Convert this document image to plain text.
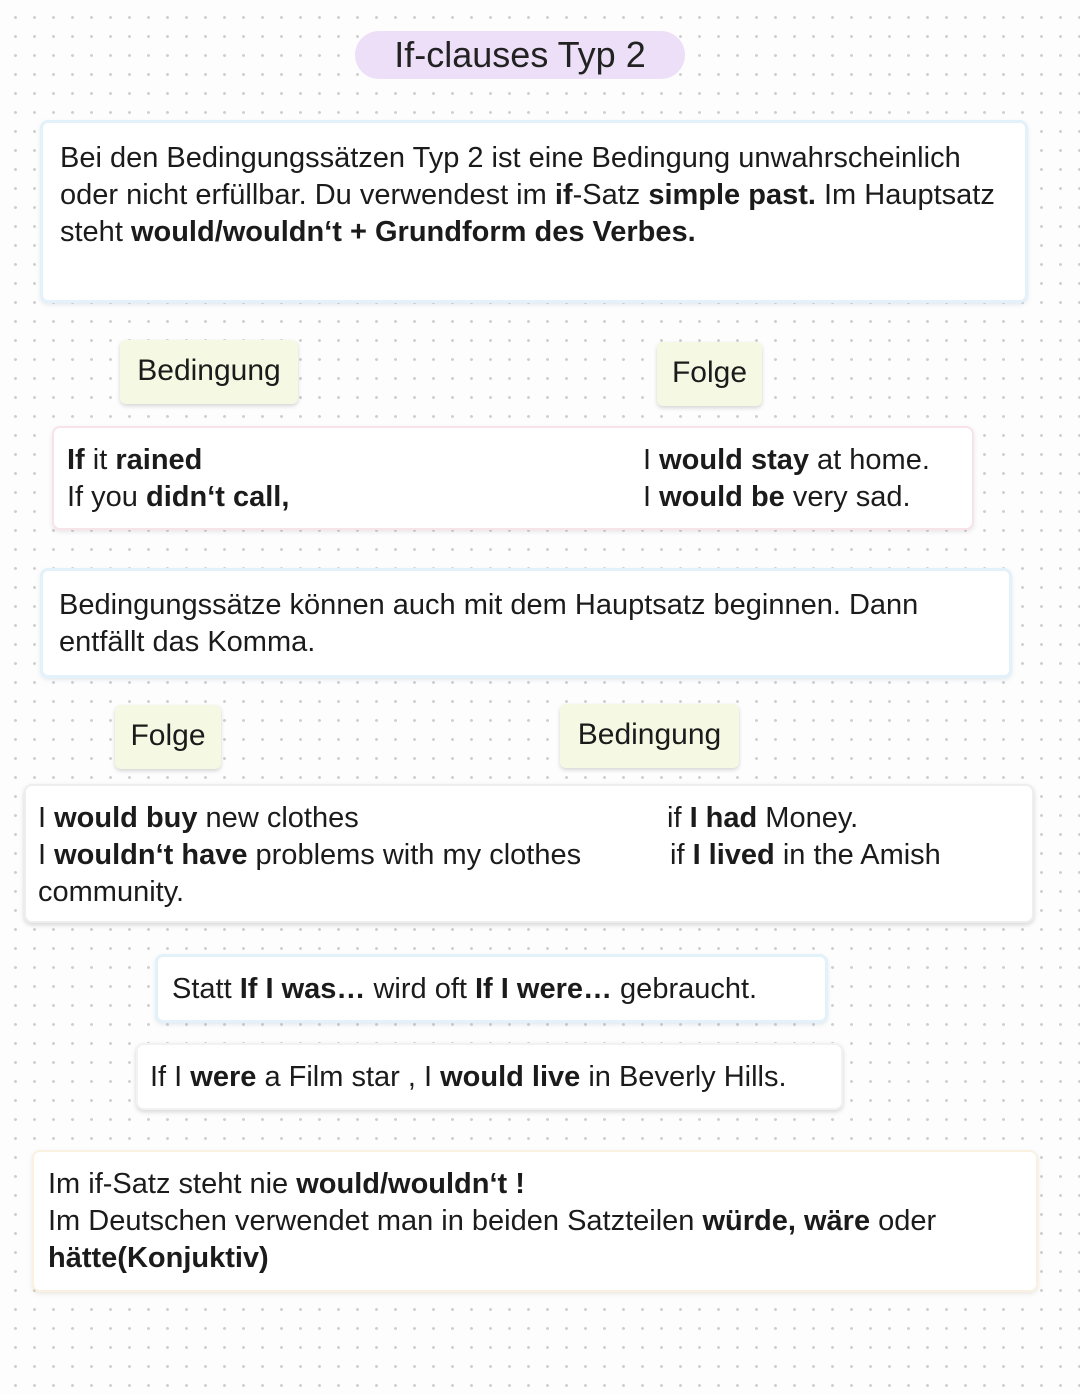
If-clauses Typ 2

Bei den Bedingungssätzen Typ 2 ist eine Bedingung unwahrscheinlich oder nicht erfüllbar. Du verwendest im if-Satz simple past. Im Hauptsatz steht would/wouldn‘t + Grundform des Verbes.

Bedingung	Folge
If it rained
If you didn‘t call,
I would stay at home.
I would be very sad.

Bedingungssätze können auch mit dem Hauptsatz beginnen. Dann entfällt das Komma.

Folge	Bedingung
I would buy new clothes
I wouldn‘t have problems with my clothes
community.
if I had Money.
if I lived in the Amish

Statt If I was… wird oft If I were… gebraucht.

If I were a Film star , I would live in Beverly Hills.

Im if-Satz steht nie would/wouldn‘t !
Im Deutschen verwendet man in beiden Satzteilen würde, wäre oder
hätte(Konjuktiv)
